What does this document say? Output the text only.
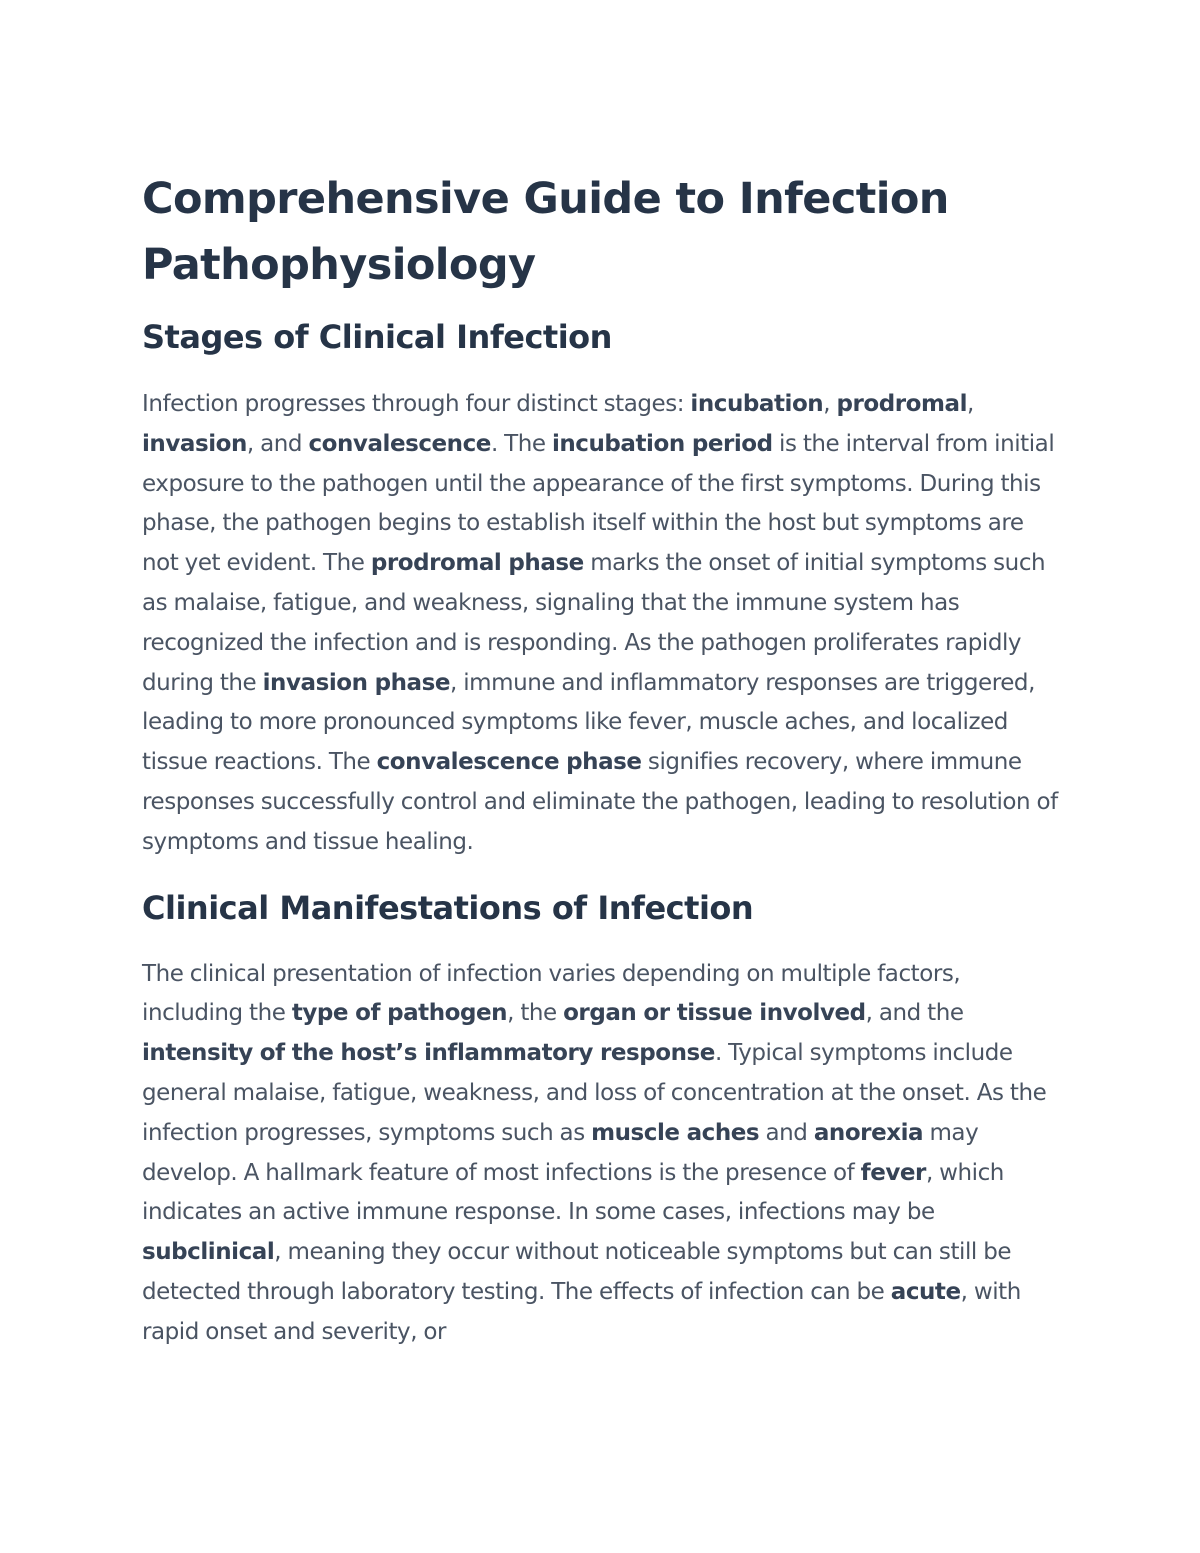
Comprehensive Guide to Infection Pathophysiology
Stages of Clinical Infection

Infection progresses through four distinct stages: incubation, prodromal, invasion, and convalescence. The incubation period is the interval from initial exposure to the pathogen until the appearance of the first symptoms. During this phase, the pathogen begins to establish itself within the host but symptoms are not yet evident. The prodromal phase marks the onset of initial symptoms such as malaise, fatigue, and weakness, signaling that the immune system has recognized the infection and is responding. As the pathogen proliferates rapidly during the invasion phase, immune and inflammatory responses are triggered, leading to more pronounced symptoms like fever, muscle aches, and localized tissue reactions. The convalescence phase signifies recovery, where immune responses successfully control and eliminate the pathogen, leading to resolution of symptoms and tissue healing.

Clinical Manifestations of Infection

The clinical presentation of infection varies depending on multiple factors, including the type of pathogen, the organ or tissue involved, and the intensity of the host’s inflammatory response. Typical symptoms include general malaise, fatigue, weakness, and loss of concentration at the onset. As the infection progresses, symptoms such as muscle aches and anorexia may develop. A hallmark feature of most infections is the presence of fever, which indicates an active immune response. In some cases, infections may be subclinical, meaning they occur without noticeable symptoms but can still be detected through laboratory testing. The effects of infection can be acute, with rapid onset and severity, or
